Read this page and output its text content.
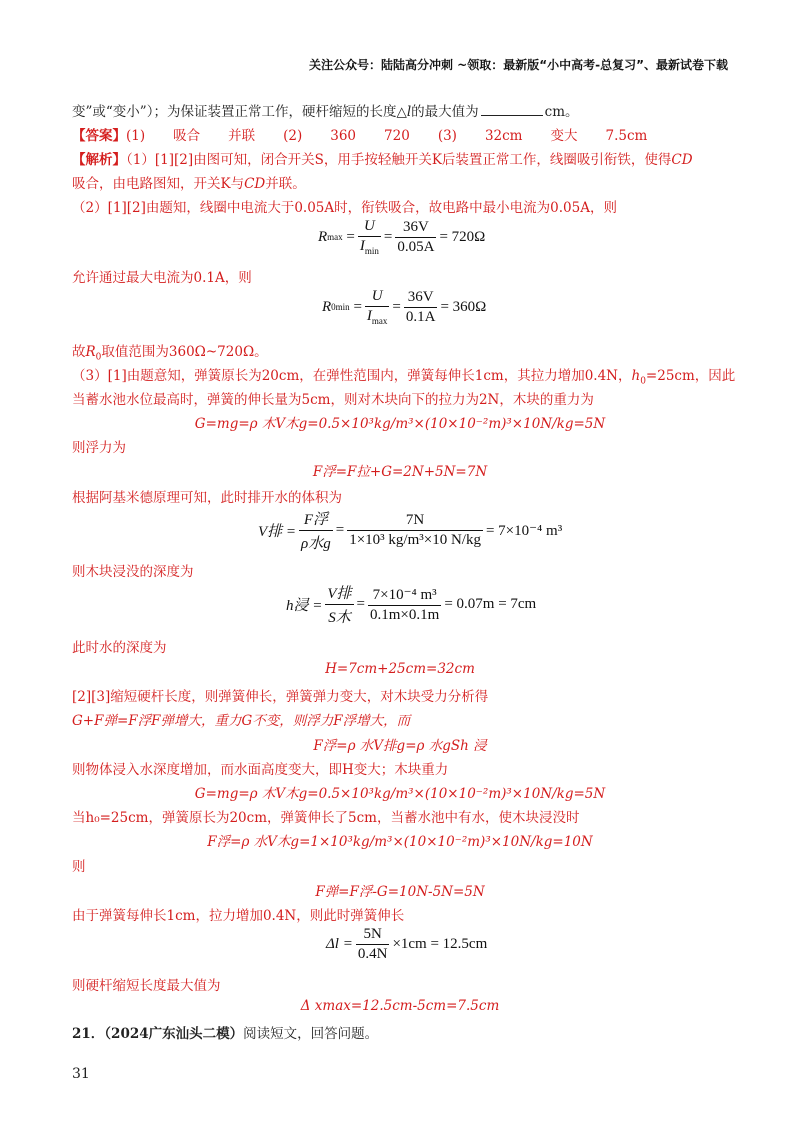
关注公众号：陆陆高分冲刺 ~领取：最新版“小中高考-总复习”、最新试卷下载
变”或“变小”）；为保证装置正常工作，硬杆缩短的长度△l的最大值为	cm。
【答案】(1) 吸合 并联 (2) 360 720 (3) 32cm 变大 7.5cm
【解析】（1）[1][2]由图可知，闭合开关S，用手按轻触开关K后装置正常工作，线圈吸引衔铁，使得CD
吸合，由电路图知，开关K与CD并联。
（2）[1][2]由题知，线圈中电流大于0.05A时，衔铁吸合，故电路中最小电流为0.05A，则
R $\max = \frac{U}{I_{min}} = \frac{36V}{0.05A} = 720\Omega$
允许通过最大电流为0.1A，则
R $0\min = \frac{U}{I_{max}} = \frac{36V}{0.1A} = 360\Omega$
故$R_0$取值范围为360Ω~720Ω。
（3）[1]由题意知，弹簧原长为20cm，在弹性范围内，弹簧每伸长1cm，其拉力增加0.4N，$h_0=25cm$，因此
当蓄水池水位最高时，弹簧的伸长量为5cm，则对木块向下的拉力为2N，木块的重力为
G=mg=ρ 木V木g=0.5×10³kg/m³×(10×10⁻²m)³×10N/kg=5N
则浮力为
F浮=F拉+G=2N+5N=7N
根据阿基米德原理可知，此时排开水的体积为
V排 = $\frac{\text{F浮}}{\text{ρ水g}} = \frac{7N}{\text{1×10³ kg/m³×10 N/kg}} = 7\times 10^{-4}$ m³
则木块浸没的深度为
h浸 = $\frac{\text{V排}}{\text{S木}} = \frac{\text{7×10⁻⁴ m³}}{0.1m\times 0.1m} = 0.07m = 7cm$
此时水的深度为
H=7cm+25cm=32cm
[2][3]缩短硬杆长度，则弹簧伸长，弹簧弹力变大，对木块受力分析得
G+F弹=F浮F弹增大，重力G不变，则浮力F浮增大，而
F浮=ρ 水V排g=ρ 水gSh 浸
则物体浸入水深度增加，而水面高度变大，即H变大；木块重力
G=mg=ρ 木V木g=0.5×10³kg/m³×(10×10⁻²m)³×10N/kg=5N
当h₀=25cm，弹簧原长为20cm，弹簧伸长了5cm，当蓄水池中有水，使木块浸没时
F浮=ρ 水V木g=1×10³kg/m³×(10×10⁻²m)³×10N/kg=10N
则
F弹=F浮-G=10N-5N=5N
由于弹簧每伸长1cm，拉力增加0.4N，则此时弹簧伸长
$\Delta l = \frac{5N}{0.4N} \times 1cm = 12.5cm$
则硬杆缩短长度最大值为
Δ xmax=12.5cm-5cm=7.5cm
21．（2024广东汕头二模）阅读短文，回答问题。
31
